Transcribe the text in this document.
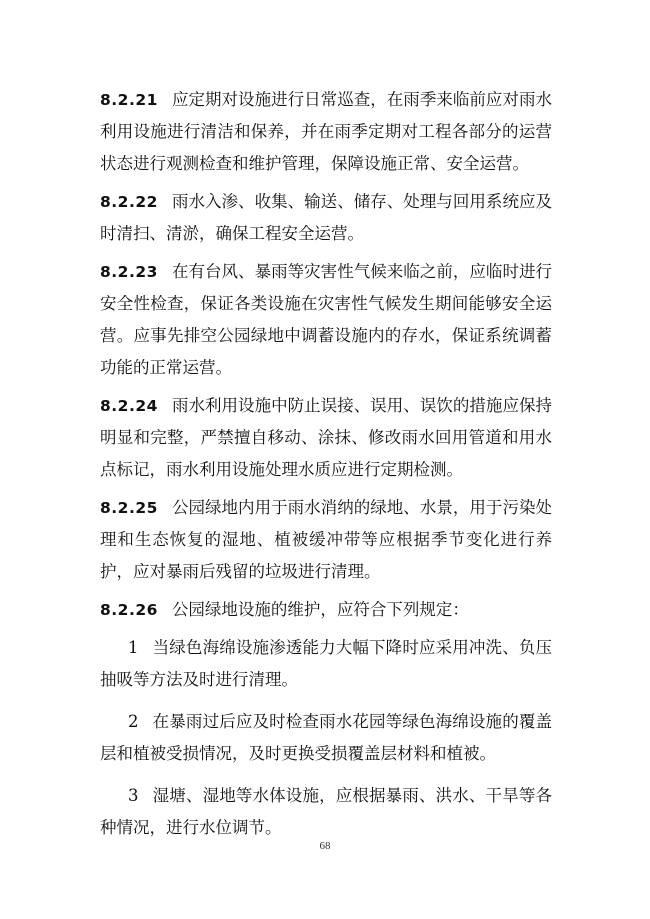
8.2.21 应定期对设施进行日常巡查，在雨季来临前应对雨水利用设施进行清洁和保养，并在雨季定期对工程各部分的运营状态进行观测检查和维护管理，保障设施正常、安全运营。

8.2.22 雨水入渗、收集、输送、储存、处理与回用系统应及时清扫、清淤，确保工程安全运营。

8.2.23 在有台风、暴雨等灾害性气候来临之前，应临时进行安全性检查，保证各类设施在灾害性气候发生期间能够安全运营。应事先排空公园绿地中调蓄设施内的存水，保证系统调蓄功能的正常运营。

8.2.24 雨水利用设施中防止误接、误用、误饮的措施应保持明显和完整，严禁擅自移动、涂抹、修改雨水回用管道和用水点标记，雨水利用设施处理水质应进行定期检测。

8.2.25 公园绿地内用于雨水消纳的绿地、水景，用于污染处理和生态恢复的湿地、植被缓冲带等应根据季节变化进行养护，应对暴雨后残留的垃圾进行清理。

8.2.26 公园绿地设施的维护，应符合下列规定：

1 当绿色海绵设施渗透能力大幅下降时应采用冲洗、负压抽吸等方法及时进行清理。

2 在暴雨过后应及时检查雨水花园等绿色海绵设施的覆盖层和植被受损情况，及时更换受损覆盖层材料和植被。

3 湿塘、湿地等水体设施，应根据暴雨、洪水、干旱等各种情况，进行水位调节。

68
